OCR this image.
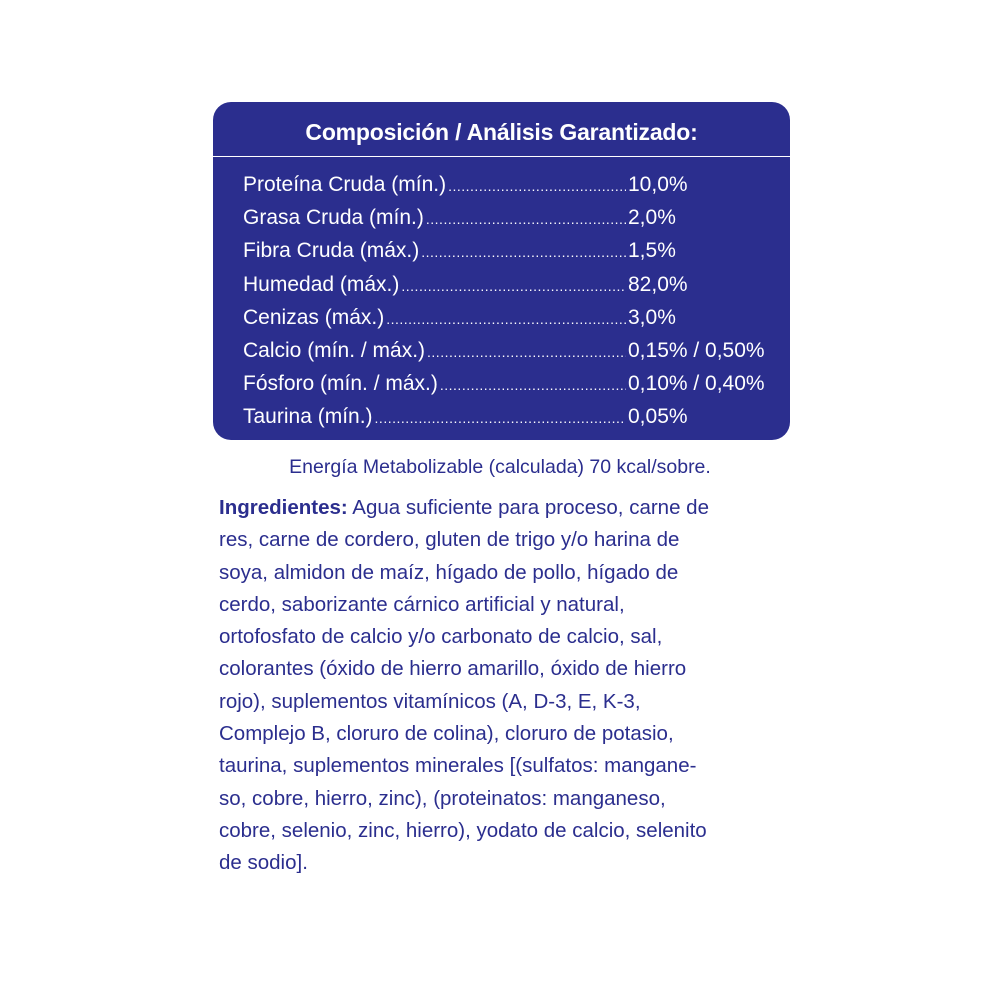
Composición / Análisis Garantizado:
Proteína Cruda (mín.) .....	10,0%
Grasa Cruda (mín.) .....	2,0%
Fibra Cruda (máx.) .....	1,5%
Humedad (máx.) .....	82,0%
Cenizas (máx.) .....	3,0%
Calcio (mín. / máx.) .....	0,15% / 0,50%
Fósforo (mín. / máx.) .....	0,10% / 0,40%
Taurina (mín.) .....	0,05%
Energía Metabolizable (calculada) 70 kcal/sobre.
Ingredientes: Agua suficiente para proceso, carne de
res, carne de cordero, gluten de trigo y/o harina de
soya, almidon de maíz, hígado de pollo, hígado de
cerdo, saborizante cárnico artificial y natural,
ortofosfato de calcio y/o carbonato de calcio, sal,
colorantes (óxido de hierro amarillo, óxido de hierro
rojo), suplementos vitamínicos (A, D-3, E, K-3,
Complejo B, cloruro de colina), cloruro de potasio,
taurina, suplementos minerales [(sulfatos: mangane-
so, cobre, hierro, zinc), (proteinatos: manganeso,
cobre, selenio, zinc, hierro), yodato de calcio, selenito
de sodio].
